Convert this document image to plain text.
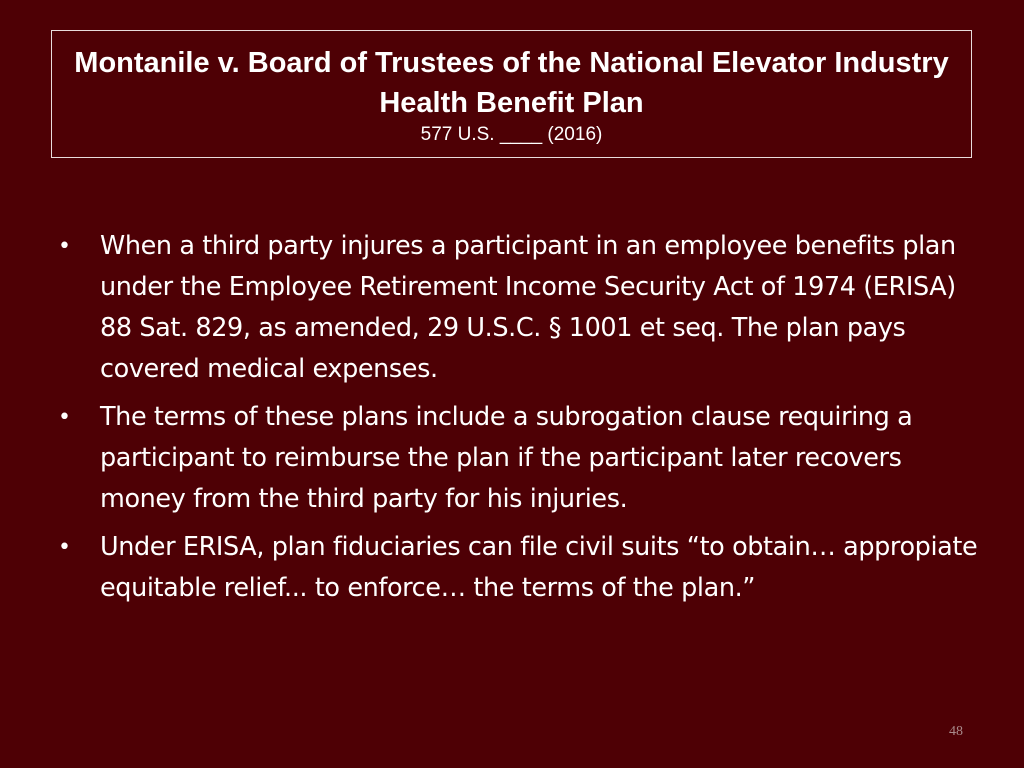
Montanile v. Board of Trustees of the National Elevator Industry Health Benefit Plan
577 U.S. ____ (2016)
• When a third party injures a participant in an employee benefits plan under the Employee Retirement Income Security Act of 1974 (ERISA) 88 Sat. 829, as amended, 29 U.S.C. § 1001 et seq. The plan pays covered medical expenses.
• The terms of these plans include a subrogation clause requiring a participant to reimburse the plan if the participant later recovers money from the third party for his injuries.
• Under ERISA, plan fiduciaries can file civil suits “to obtain… appropiate equitable relief... to enforce… the terms of the plan.”
48
